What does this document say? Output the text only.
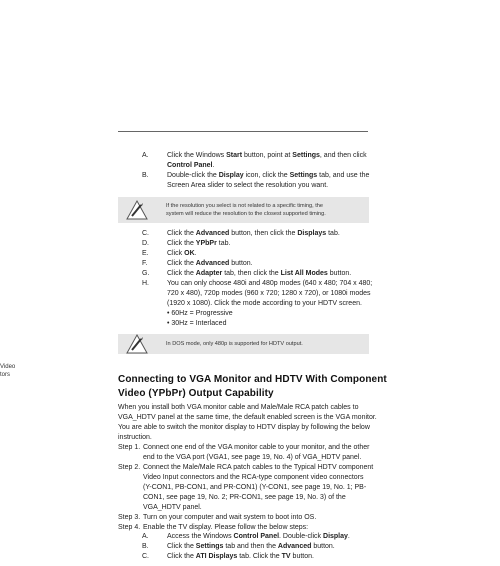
A.	Click the Windows Start button, point at Settings, and then click
Control Panel.
B.	Double-click the Display icon, click the Settings tab, and use the
Screen Area slider to select the resolution you want.
If the resolution you select is not related to a specific timing, the
system will reduce the resolution to the closest supported timing.
C.	Click the Advanced button, then click the Displays tab.
D.	Click the YPbPr tab.
E.	Click OK.
F.	Click the Advanced button.
G.	Click the Adapter tab, then click the List All Modes button.
H.	You can only choose 480i and 480p modes (640 x 480; 704 x 480;
720 x 480), 720p modes (960 x 720; 1280 x 720), or 1080i modes
(1920 x 1080). Click the mode according to your HDTV screen.
• 60Hz = Progressive
• 30Hz = Interlaced
In DOS mode, only 480p is supported for HDTV output.
Video
tors	Connecting to VGA Monitor and HDTV With Component
Video (YPbPr) Output Capability
When you install both VGA monitor cable and Male/Male RCA patch cables to
VGA_HDTV panel at the same time, the default enabled screen is the VGA monitor.
You are able to switch the monitor display to HDTV display by following the below
instruction.
Step 1. Connect one end of the VGA monitor cable to your monitor, and the other
end to the VGA port (VGA1, see page 19, No. 4) of VGA_HDTV panel.
Step 2. Connect the Male/Male RCA patch cables to the Typical HDTV component
Video Input connectors and the RCA-type component video connectors
(Y-CON1, PB-CON1, and PR-CON1) (Y-CON1, see page 19, No. 1; PB-
CON1, see page 19, No. 2; PR-CON1, see page 19, No. 3) of the
VGA_HDTV panel.
Step 3. Turn on your computer and wait system to boot into OS.
Step 4. Enable the TV display. Please follow the below steps:
A.	Access the Windows Control Panel. Double-click Display.
B.	Click the Settings tab and then the Advanced button.
C.	Click the ATI Displays tab. Click the TV button.
